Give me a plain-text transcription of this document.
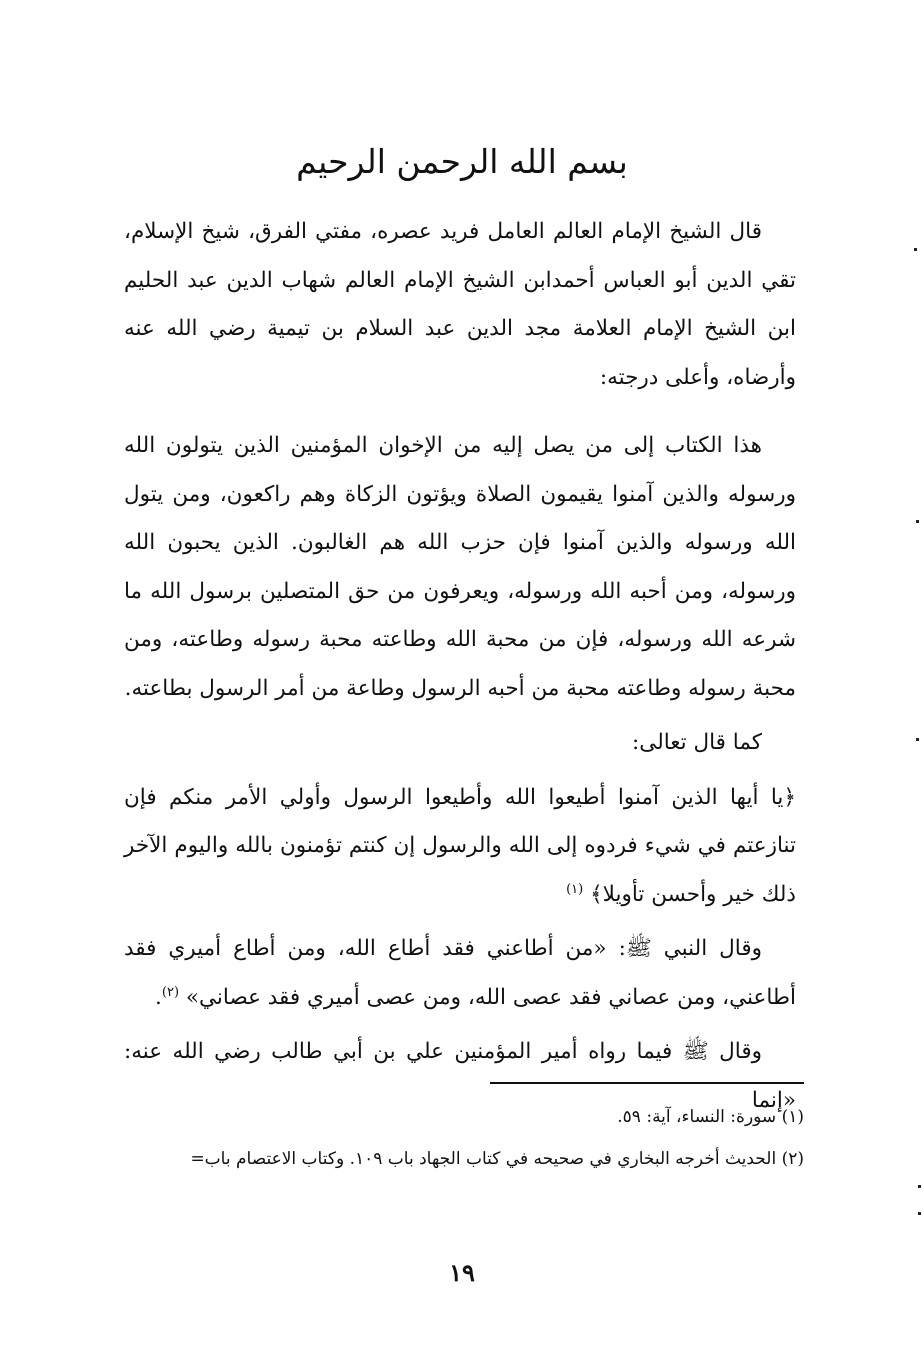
بسم الله الرحمن الرحيم

قال الشيخ الإمام العالم العامل فريد عصره، مفتي الفرق، شيخ الإسلام، تقي الدين أبو العباس أحمدابن الشيخ الإمام العالم شهاب الدين عبد الحليم ابن الشيخ الإمام العلامة مجد الدين عبد السلام بن تيمية رضي الله عنه وأرضاه، وأعلى درجته:

هذا الكتاب إلى من يصل إليه من الإخوان المؤمنين الذين يتولون الله ورسوله والذين آمنوا يقيمون الصلاة ويؤتون الزكاة وهم راكعون، ومن يتول الله ورسوله والذين آمنوا فإن حزب الله هم الغالبون. الذين يحبون الله ورسوله، ومن أحبه الله ورسوله، ويعرفون من حق المتصلين برسول الله ما شرعه الله ورسوله، فإن من محبة الله وطاعته محبة رسوله وطاعته، ومن محبة رسوله وطاعته محبة من أحبه الرسول وطاعة من أمر الرسول بطاعته.

كما قال تعالى:

﴿يا أيها الذين آمنوا أطيعوا الله وأطيعوا الرسول وأولي الأمر منكم فإن تنازعتم في شيء فردوه إلى الله والرسول إن كنتم تؤمنون بالله واليوم الآخر ذلك خير وأحسن تأويلا﴾ $^{(١)}$

وقال النبي ﷺ: «من أطاعني فقد أطاع الله، ومن أطاع أميري فقد أطاعني، ومن عصاني فقد عصى الله، ومن عصى أميري فقد عصاني» $^{(٢)}$.

وقال ﷺ فيما رواه أمير المؤمنين علي بن أبي طالب رضي الله عنه: «إنما

(١) سورة: النساء، آية: ٥٩.
(٢) الحديث أخرجه البخاري في صحيحه في كتاب الجهاد باب ١٠٩. وكتاب الاعتصام باب=
١٩
